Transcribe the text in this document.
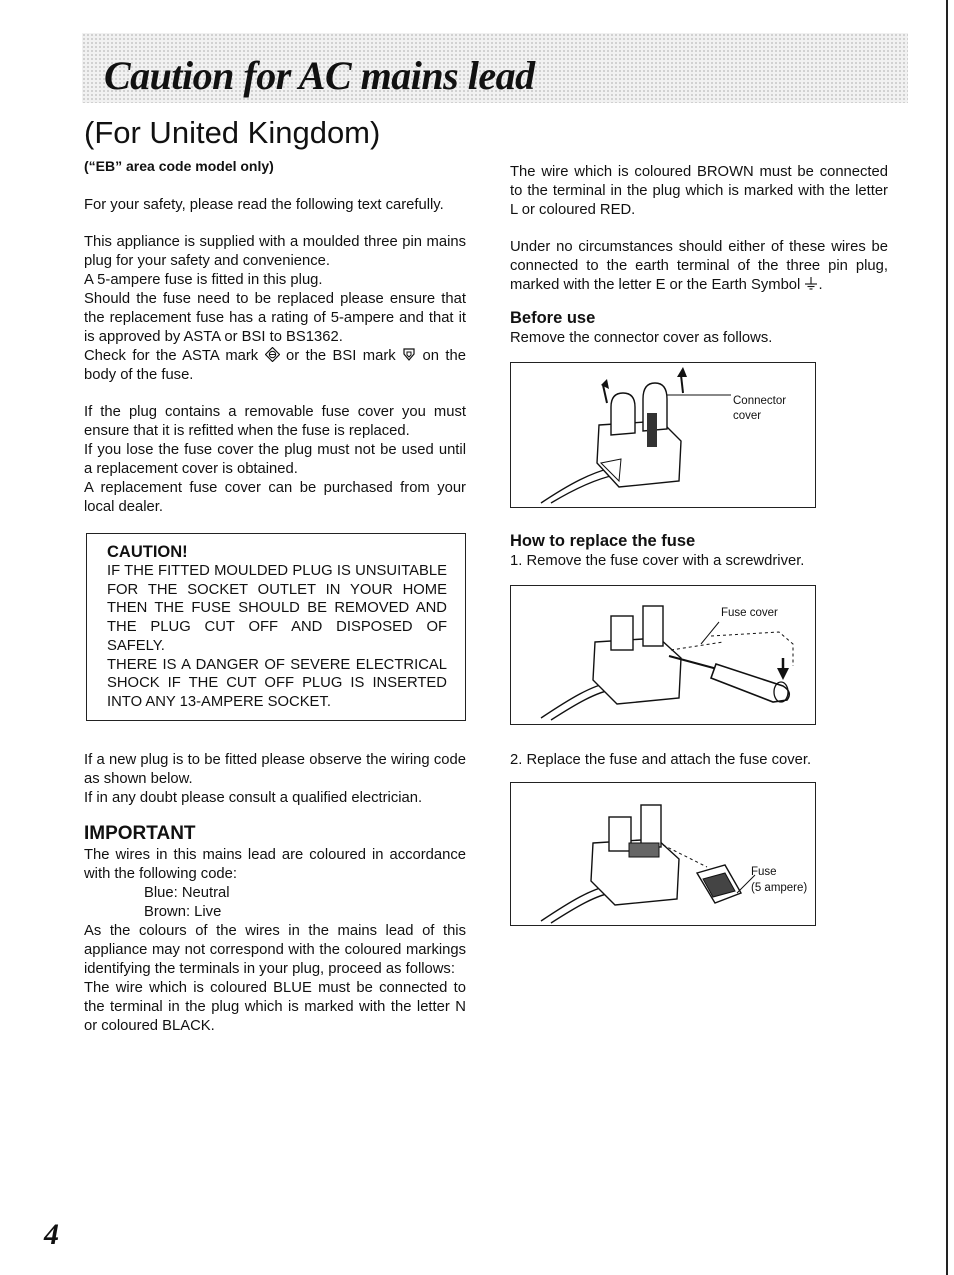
Caution for AC mains lead
(For United Kingdom)

(“EB” area code model only)

For your safety, please read the following text carefully.

This appliance is supplied with a moulded three pin mains plug for your safety and convenience.

A 5-ampere fuse is fitted in this plug.

Should the fuse need to be replaced please ensure that the replacement fuse has a rating of 5-ampere and that it is approved by ASTA or BSI to BS1362.

Check for the ASTA mark or the BSI mark on the body of the fuse.

If the plug contains a removable fuse cover you must ensure that it is refitted when the fuse is replaced.

If you lose the fuse cover the plug must not be used until a replacement cover is obtained.

A replacement fuse cover can be purchased from your local dealer.

CAUTION!

IF THE FITTED MOULDED PLUG IS UNSUITABLE FOR THE SOCKET OUTLET IN YOUR HOME THEN THE FUSE SHOULD BE REMOVED AND THE PLUG CUT OFF AND DISPOSED OF SAFELY.

THERE IS A DANGER OF SEVERE ELECTRICAL SHOCK IF THE CUT OFF PLUG IS INSERTED INTO ANY 13-AMPERE SOCKET.

If a new plug is to be fitted please observe the wiring code as shown below.

If in any doubt please consult a qualified electrician.

IMPORTANT

The wires in this mains lead are coloured in accordance with the following code:

Blue: Neutral

Brown: Live

As the colours of the wires in the mains lead of this appliance may not correspond with the coloured markings identifying the terminals in your plug, proceed as follows:

The wire which is coloured BLUE must be connected to the terminal in the plug which is marked with the letter N or coloured BLACK.

The wire which is coloured BROWN must be connected to the terminal in the plug which is marked with the letter L or coloured RED.

Under no circumstances should either of these wires be connected to the earth terminal of the three pin plug, marked with the letter E or the Earth Symbol .

Before use

Remove the connector cover as follows.

Connector
cover
How to replace the fuse

1. Remove the fuse cover with a screwdriver.

Fuse cover

2. Replace the fuse and attach the fuse cover.

Fuse
(5 ampere)

4
